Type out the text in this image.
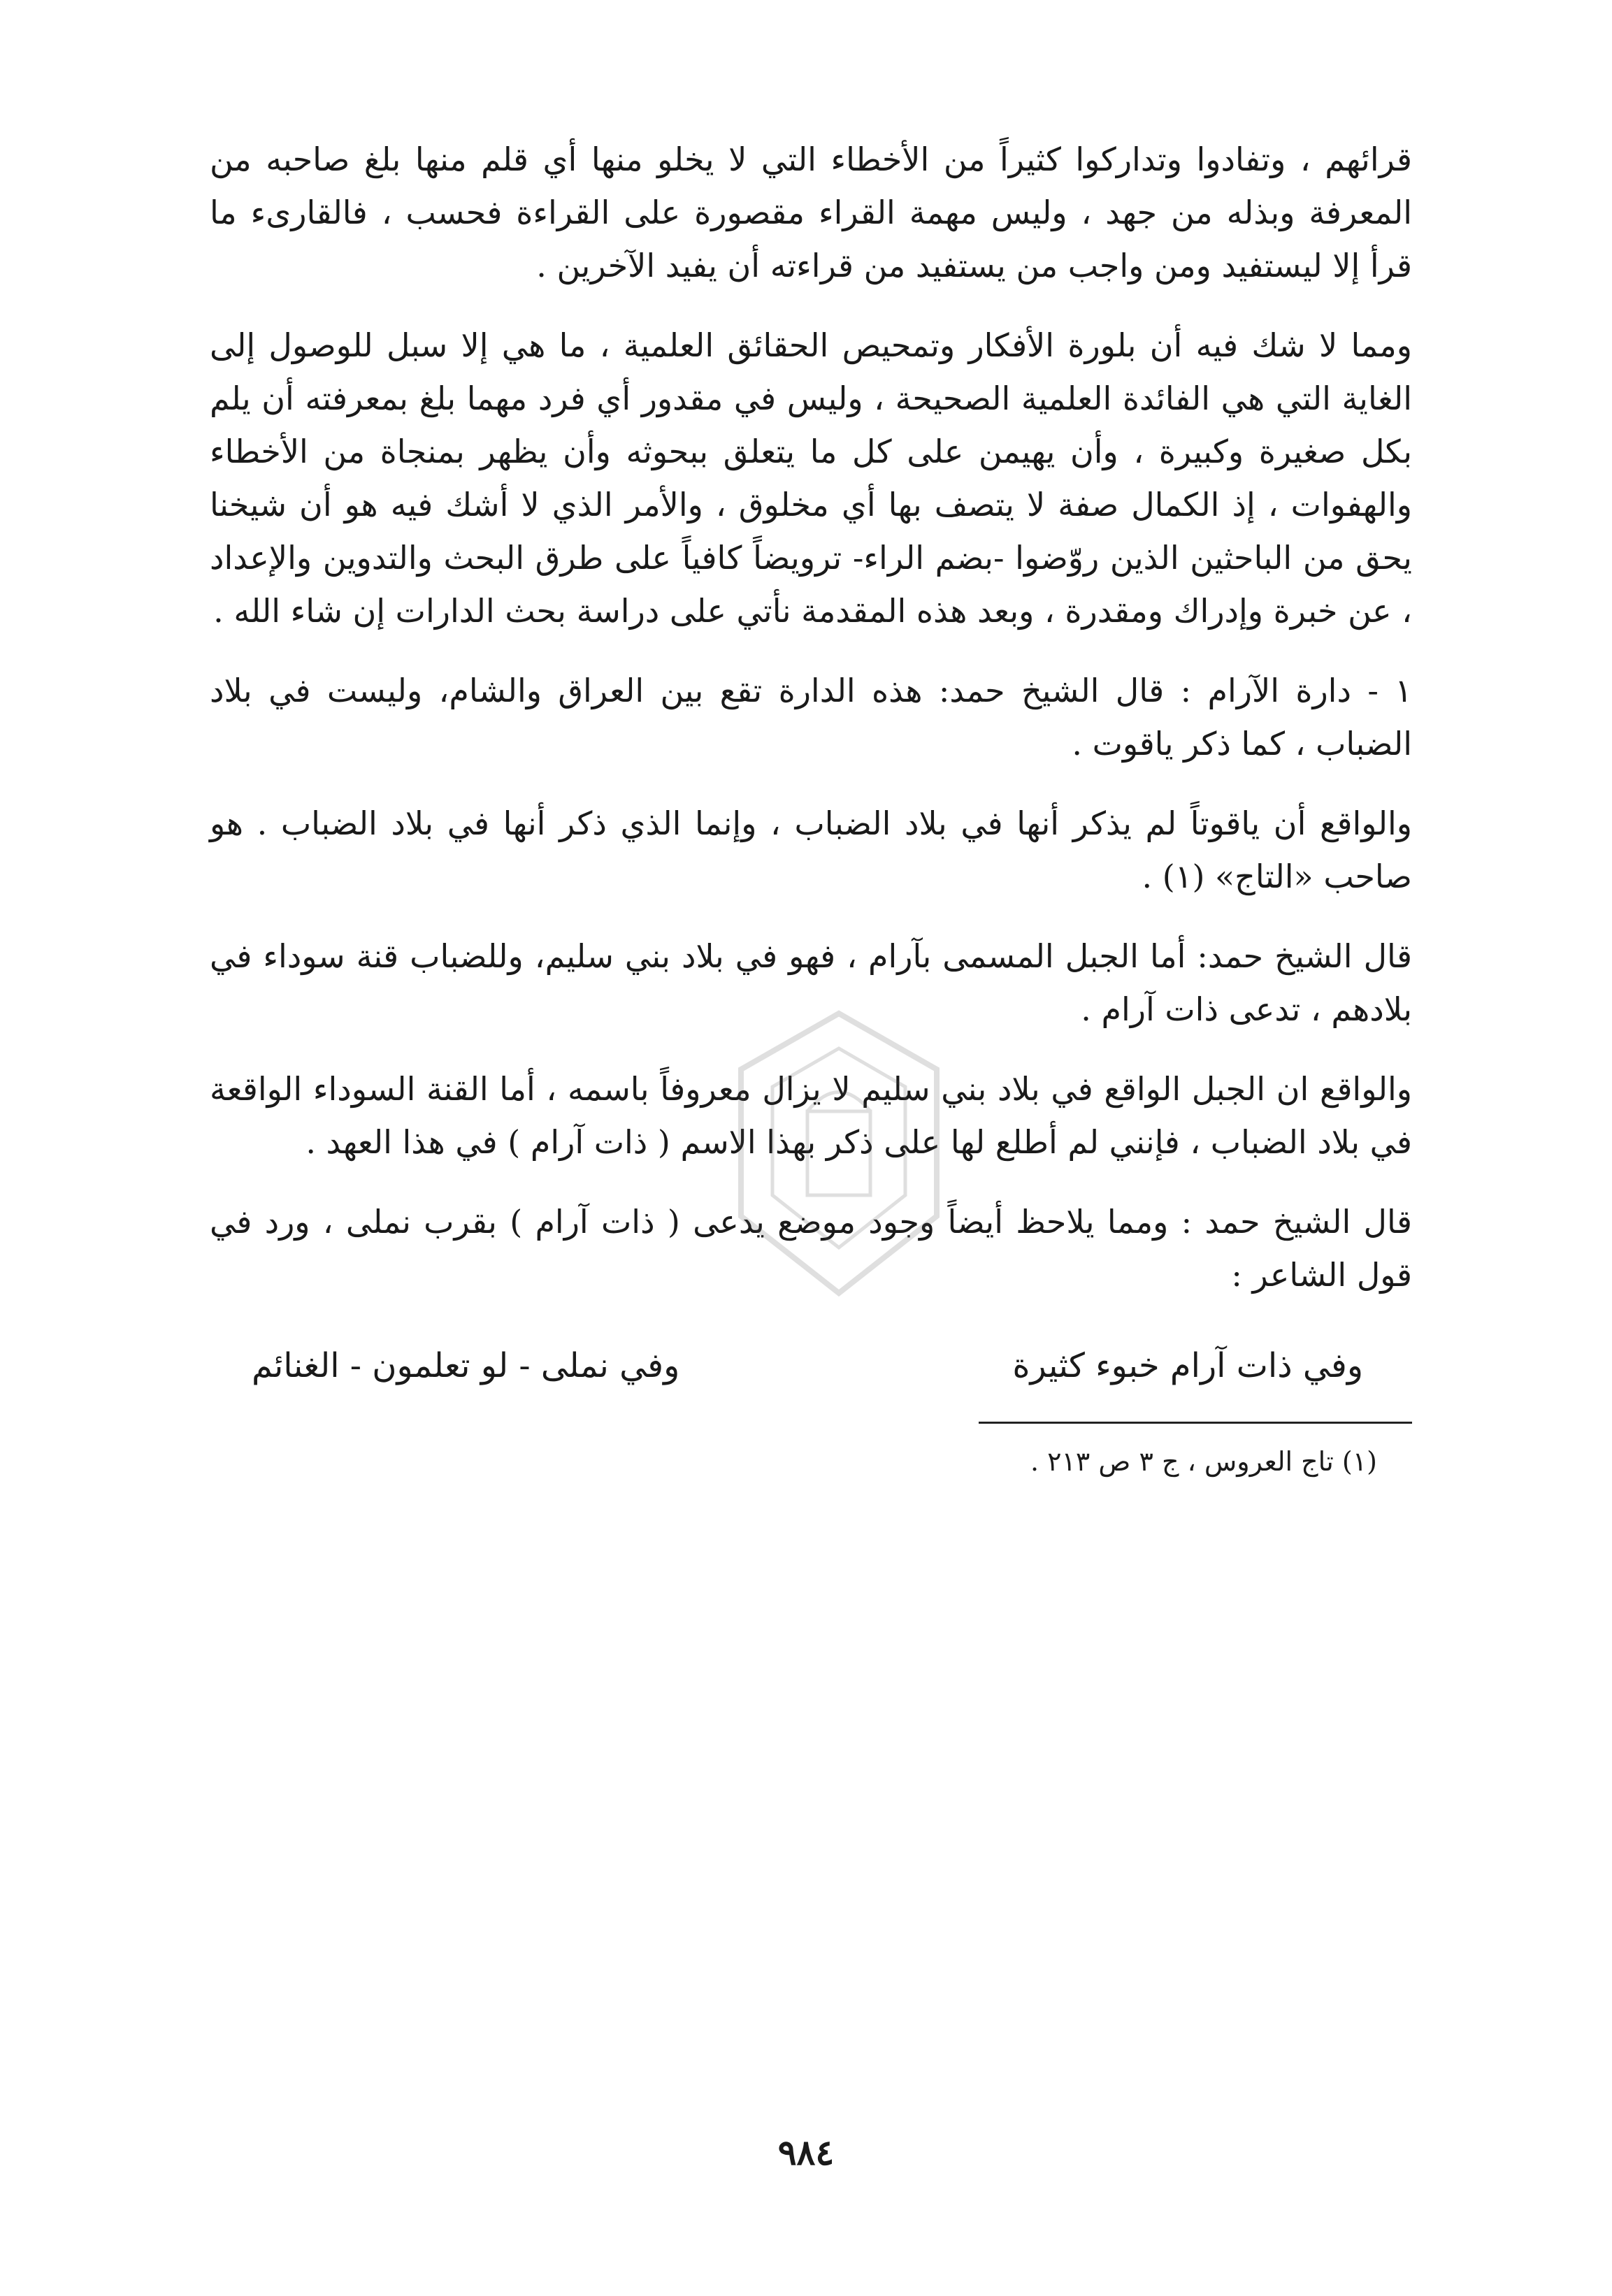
قرائهم ، وتفادوا وتداركوا كثيراً من الأخطاء التي لا يخلو منها أي قلم منها بلغ صاحبه من المعرفة وبذله من جهد ، وليس مهمة القراء مقصورة على القراءة فحسب ، فالقارىء ما قرأ إلا ليستفيد ومن واجب من يستفيد من قراءته أن يفيد الآخرين .

ومما لا شك فيه أن بلورة الأفكار وتمحيص الحقائق العلمية ، ما هي إلا سبل للوصول إلى الغاية التي هي الفائدة العلمية الصحيحة ، وليس في مقدور أي فرد مهما بلغ بمعرفته أن يلم بكل صغيرة وكبيرة ، وأن يهيمن على كل ما يتعلق ببحوثه وأن يظهر بمنجاة من الأخطاء والهفوات ، إذ الكمال صفة لا يتصف بها أي مخلوق ، والأمر الذي لا أشك فيه هو أن شيخنا يحق من الباحثين الذين روّضوا -بضم الراء- ترويضاً كافياً على طرق البحث والتدوين والإعداد ، عن خبرة وإدراك ومقدرة ، وبعد هذه المقدمة نأتي على دراسة بحث الدارات إن شاء الله .

١ - دارة الآرام : قال الشيخ حمد: هذه الدارة تقع بين العراق والشام، وليست في بلاد الضباب ، كما ذكر ياقوت .

والواقع أن ياقوتاً لم يذكر أنها في بلاد الضباب ، وإنما الذي ذكر أنها في بلاد الضباب . هو صاحب «التاج» (١) .

قال الشيخ حمد: أما الجبل المسمى بآرام ، فهو في بلاد بني سليم، وللضباب قنة سوداء في بلادهم ، تدعى ذات آرام .

والواقع ان الجبل الواقع في بلاد بني سليم لا يزال معروفاً باسمه ، أما القنة السوداء الواقعة في بلاد الضباب ، فإنني لم أطلع لها على ذكر بهذا الاسم ( ذات آرام ) في هذا العهد .

قال الشيخ حمد : ومما يلاحظ أيضاً وجود موضع يدعى ( ذات آرام ) بقرب نملى ، ورد في قول الشاعر :

وفي ذات آرام خبوء كثيرة
وفي نملى - لو تعلمون - الغنائم

(١) تاج العروس ، ج ٣ ص ٢١٣ .

٩٨٤
